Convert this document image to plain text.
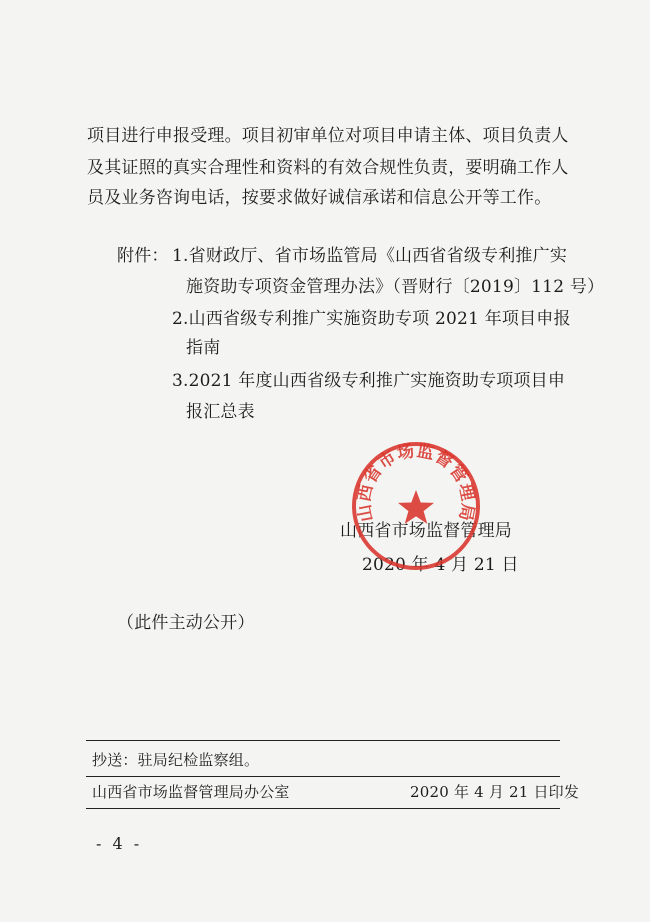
项目进行申报受理。项目初审单位对项目申请主体、项目负责人
及其证照的真实合理性和资料的有效合规性负责，要明确工作人
员及业务咨询电话，按要求做好诚信承诺和信息公开等工作。
附件： 1.省财政厅、省市场监管局《山西省省级专利推广实
施资助专项资金管理办法》（晋财行〔2019〕112 号）
2.山西省级专利推广实施资助专项 2021 年项目申报
指南
3.2021 年度山西省级专利推广实施资助专项项目申
报汇总表
山西省市场监督管理局
2020 年 4 月 21 日
山西省市场监督管理局
（此件主动公开）
抄送：驻局纪检监察组。
山西省市场监督管理局办公室	2020 年 4 月 21 日印发
- 4 -
